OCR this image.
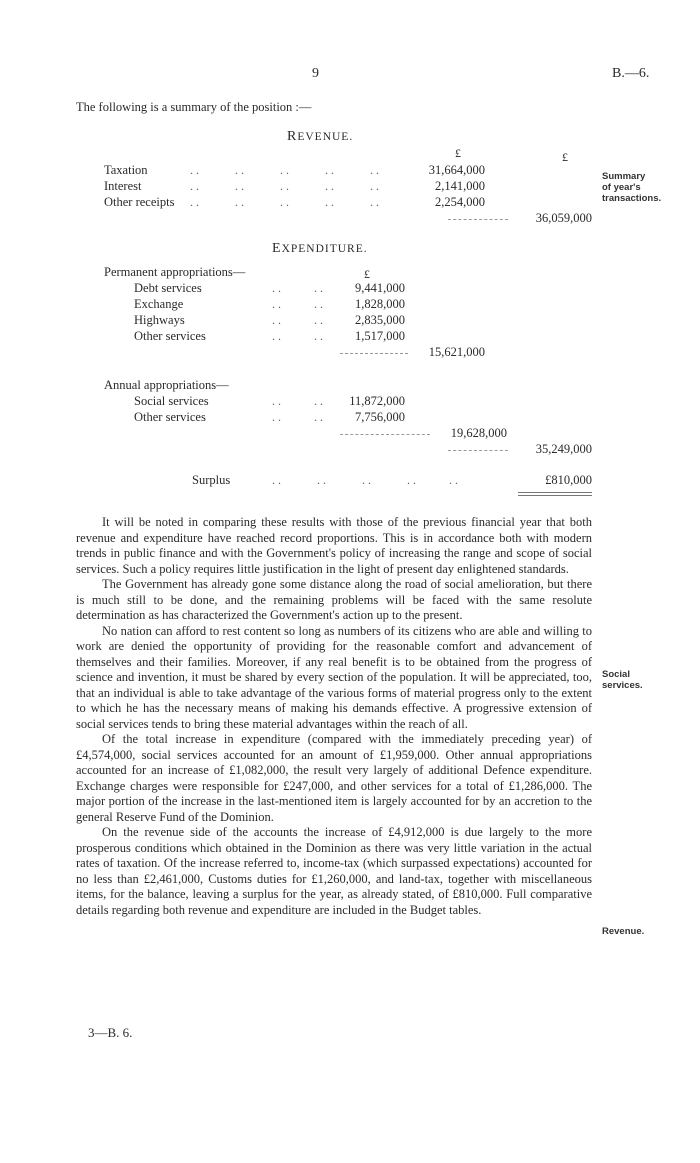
9	B.—6.
The following is a summary of the position :—
REVENUE.
£	£
Taxation	. .            . .            . .            . .            . .	31,664,000
Interest	. .            . .            . .            . .            . .	2,141,000
Other receipts . .            . .            . .            . .            . .	2,254,000
36,059,000
EXPENDITURE.
Permanent appropriations—	£
Debt services	. .           . .	9,441,000
Exchange	. .           . .	1,828,000
Highways	. .           . .	2,835,000
Other services	. .           . .	1,517,000
15,621,000
Annual appropriations—
Social services	. .           . .	11,872,000
Other services	. .           . .	7,756,000
19,628,000
35,249,000
Surplus	. .            . .            . .            . .           . .	£810,000
Summary
of year's
transactions.
Social
services.
Revenue.

It will be noted in comparing these results with those of the previous financial year that both revenue and expenditure have reached record proportions. This is in accordance both with modern trends in public finance and with the Government's policy of increasing the range and scope of social services. Such a policy requires little justification in the light of present day enlightened standards.

The Government has already gone some distance along the road of social amelioration, but there is much still to be done, and the remaining problems will be faced with the same resolute determination as has characterized the Government's action up to the present.

No nation can afford to rest content so long as numbers of its citizens who are able and willing to work are denied the opportunity of providing for the reasonable comfort and advancement of themselves and their families. Moreover, if any real benefit is to be obtained from the progress of science and invention, it must be shared by every section of the population. It will be appreciated, too, that an individual is able to take advantage of the various forms of material progress only to the extent to which he has the necessary means of making his demands effective. A progressive extension of social services tends to bring these material advantages within the reach of all.

Of the total increase in expenditure (compared with the immediately preceding year) of £4,574,000, social services accounted for an amount of £1,959,000. Other annual appropriations accounted for an increase of £1,082,000, the result very largely of additional Defence expenditure. Exchange charges were responsible for £247,000, and other services for a total of £1,286,000. The major portion of the increase in the last-mentioned item is largely accounted for by an accretion to the general Reserve Fund of the Dominion.

On the revenue side of the accounts the increase of £4,912,000 is due largely to the more prosperous conditions which obtained in the Dominion as there was very little variation in the actual rates of taxation. Of the increase referred to, income-tax (which surpassed expectations) accounted for no less than £2,461,000, Customs duties for £1,260,000, and land-tax, together with miscellaneous items, for the balance, leaving a surplus for the year, as already stated, of £810,000. Full comparative details regarding both revenue and expenditure are included in the Budget tables.

3—B. 6.
